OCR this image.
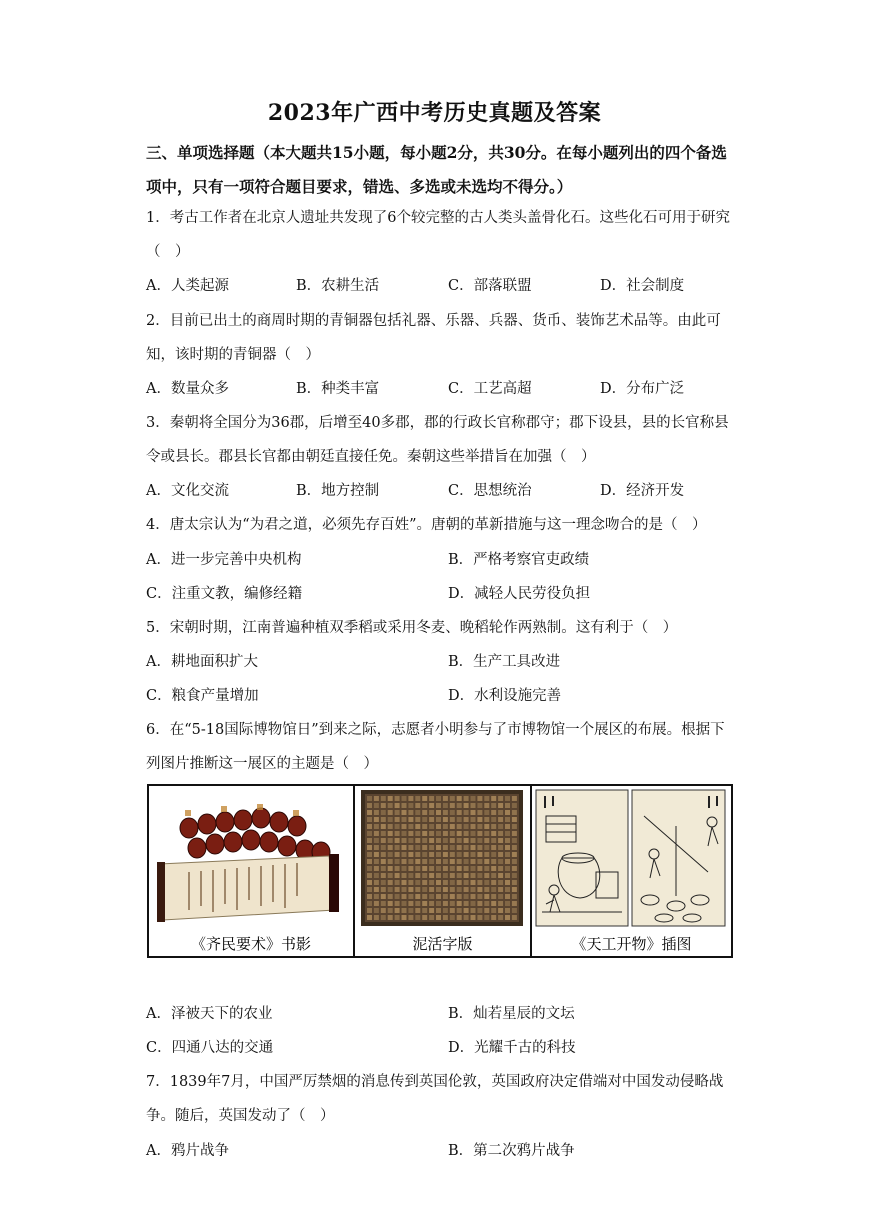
2023年广西中考历史真题及答案

三、单项选择题（本大题共15小题，每小题2分，共30分。在每小题列出的四个备选项中，只有一项符合题目要求，错选、多选或未选均不得分。）

1．考古工作者在北京人遗址共发现了6个较完整的古人类头盖骨化石。这些化石可用于研究（　）

A．人类起源	B．农耕生活	C．部落联盟	D．社会制度

2．目前已出土的商周时期的青铜器包括礼器、乐器、兵器、货币、装饰艺术品等。由此可知，该时期的青铜器（　）

A．数量众多	B．种类丰富	C．工艺高超	D．分布广泛

3．秦朝将全国分为36郡，后增至40多郡，郡的行政长官称郡守；郡下设县，县的长官称县令或县长。郡县长官都由朝廷直接任免。秦朝这些举措旨在加强（　）

A．文化交流	B．地方控制	C．思想统治	D．经济开发

4．唐太宗认为“为君之道，必须先存百姓”。唐朝的革新措施与这一理念吻合的是（　）

A．进一步完善中央机构	B．严格考察官吏政绩
C．注重文教，编修经籍	D．减轻人民劳役负担

5．宋朝时期，江南普遍种植双季稻或采用冬麦、晚稻轮作两熟制。这有利于（　）

A．耕地面积扩大	B．生产工具改进
C．粮食产量增加	D．水利设施完善

6．在“5-18国际博物馆日”到来之际，志愿者小明参与了市博物馆一个展区的布展。根据下列图片推断这一展区的主题是（　）

《齐民要术》书影	泥活字版	《天工开物》插图
A．泽被天下的农业	B．灿若星辰的文坛
C．四通八达的交通	D．光耀千古的科技

7．1839年7月，中国严厉禁烟的消息传到英国伦敦，英国政府决定借端对中国发动侵略战争。随后，英国发动了（　）

A．鸦片战争	B．第二次鸦片战争
